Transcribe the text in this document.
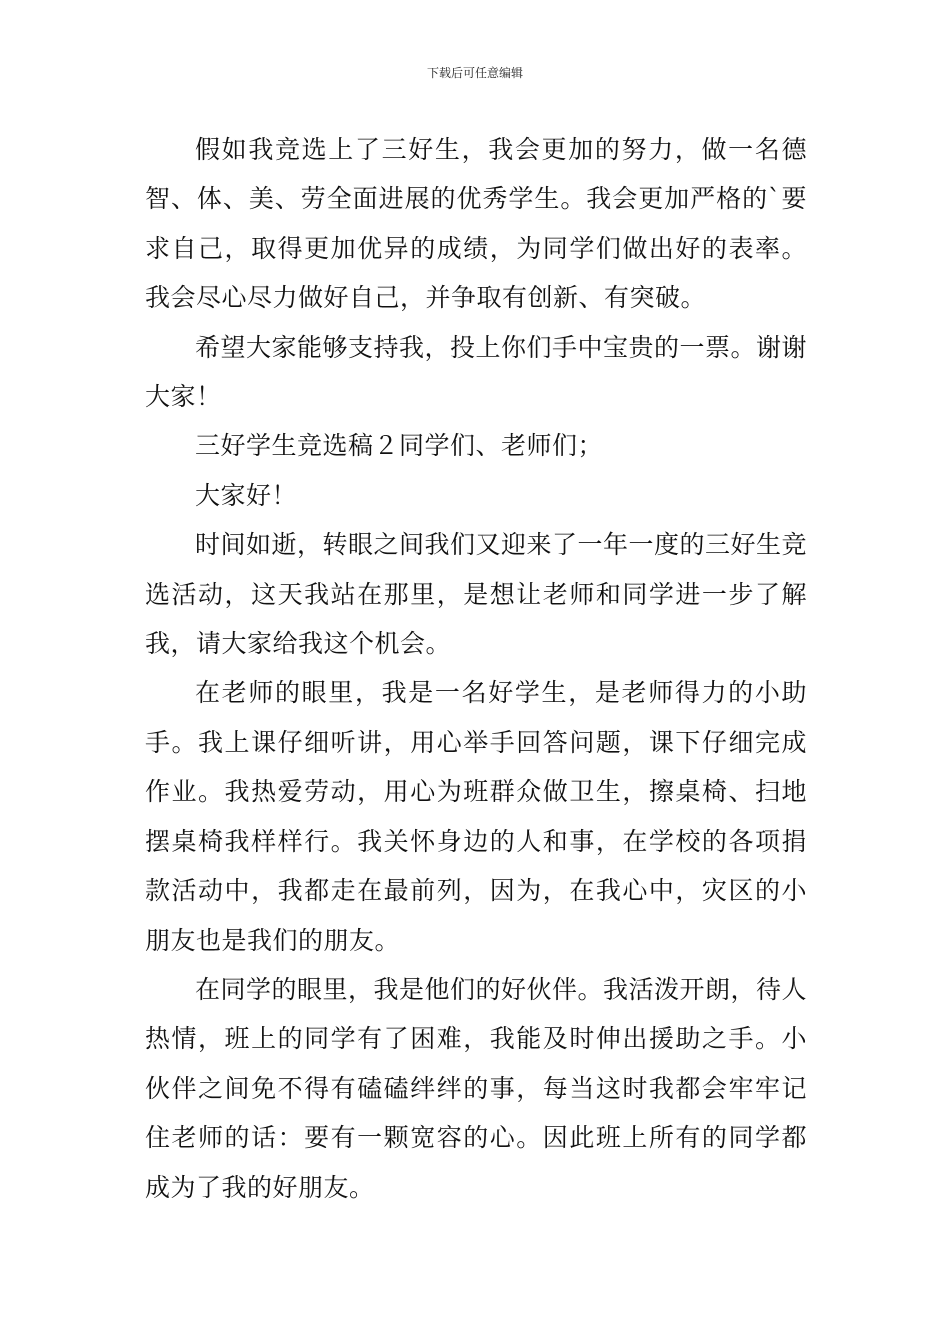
下载后可任意编辑

假如我竞选上了三好生，我会更加的努力，做一名德智、体、美、劳全面进展的优秀学生。我会更加严格的`要求自己，取得更加优异的成绩，为同学们做出好的表率。我会尽心尽力做好自己，并争取有创新、有突破。

希望大家能够支持我，投上你们手中宝贵的一票。谢谢大家！

三好学生竞选稿２同学们、老师们；

大家好！

时间如逝，转眼之间我们又迎来了一年一度的三好生竞选活动，这天我站在那里，是想让老师和同学进一步了解我，请大家给我这个机会。

在老师的眼里，我是一名好学生，是老师得力的小助手。我上课仔细听讲，用心举手回答问题，课下仔细完成作业。我热爱劳动，用心为班群众做卫生，擦桌椅、扫地摆桌椅我样样行。我关怀身边的人和事，在学校的各项捐款活动中，我都走在最前列，因为，在我心中，灾区的小朋友也是我们的朋友。

在同学的眼里，我是他们的好伙伴。我活泼开朗，待人热情，班上的同学有了困难，我能及时伸出援助之手。小伙伴之间免不得有磕磕绊绊的事，每当这时我都会牢牢记住老师的话：要有一颗宽容的心。因此班上所有的同学都成为了我的好朋友。
